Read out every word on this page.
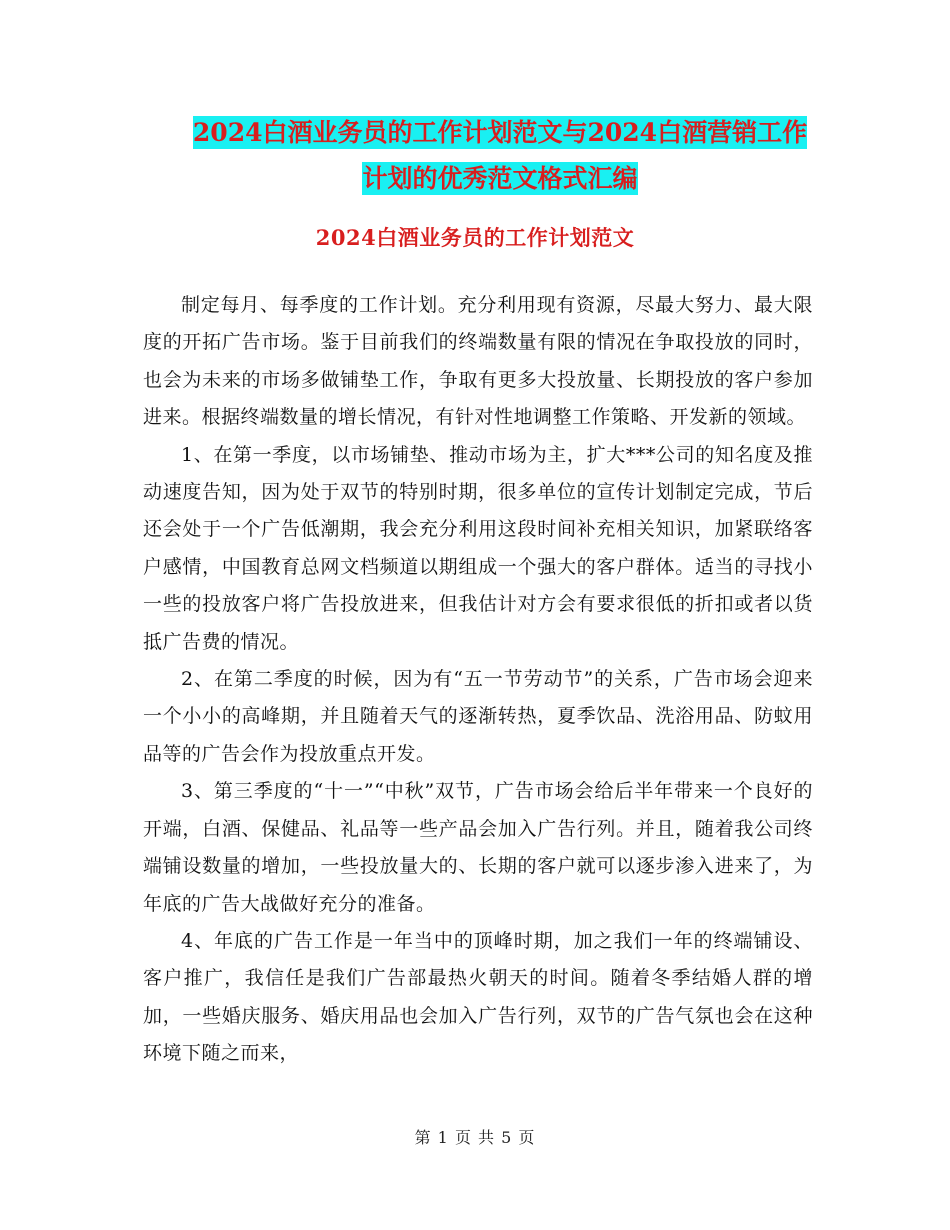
2024白酒业务员的工作计划范文与2024白酒营销工作
计划的优秀范文格式汇编
2024白酒业务员的工作计划范文

制定每月、每季度的工作计划。充分利用现有资源，尽最大努力、最大限度的开拓广告市场。鉴于目前我们的终端数量有限的情况在争取投放的同时，也会为未来的市场多做铺垫工作，争取有更多大投放量、长期投放的客户参加进来。根据终端数量的增长情况，有针对性地调整工作策略、开发新的领域。

1、在第一季度，以市场铺垫、推动市场为主，扩大***公司的知名度及推动速度告知，因为处于双节的特别时期，很多单位的宣传计划制定完成，节后还会处于一个广告低潮期，我会充分利用这段时间补充相关知识，加紧联络客户感情，中国教育总网文档频道以期组成一个强大的客户群体。适当的寻找小一些的投放客户将广告投放进来，但我估计对方会有要求很低的折扣或者以货抵广告费的情况。

2、在第二季度的时候，因为有“五一节劳动节”的关系，广告市场会迎来一个小小的高峰期，并且随着天气的逐渐转热，夏季饮品、洗浴用品、防蚊用品等的广告会作为投放重点开发。

3、第三季度的“十一”“中秋”双节，广告市场会给后半年带来一个良好的开端，白酒、保健品、礼品等一些产品会加入广告行列。并且，随着我公司终端铺设数量的增加，一些投放量大的、长期的客户就可以逐步渗入进来了，为年底的广告大战做好充分的准备。

4、年底的广告工作是一年当中的顶峰时期，加之我们一年的终端铺设、客户推广，我信任是我们广告部最热火朝天的时间。随着冬季结婚人群的增加，一些婚庆服务、婚庆用品也会加入广告行列，双节的广告气氛也会在这种环境下随之而来，

第 1 页 共 5 页
